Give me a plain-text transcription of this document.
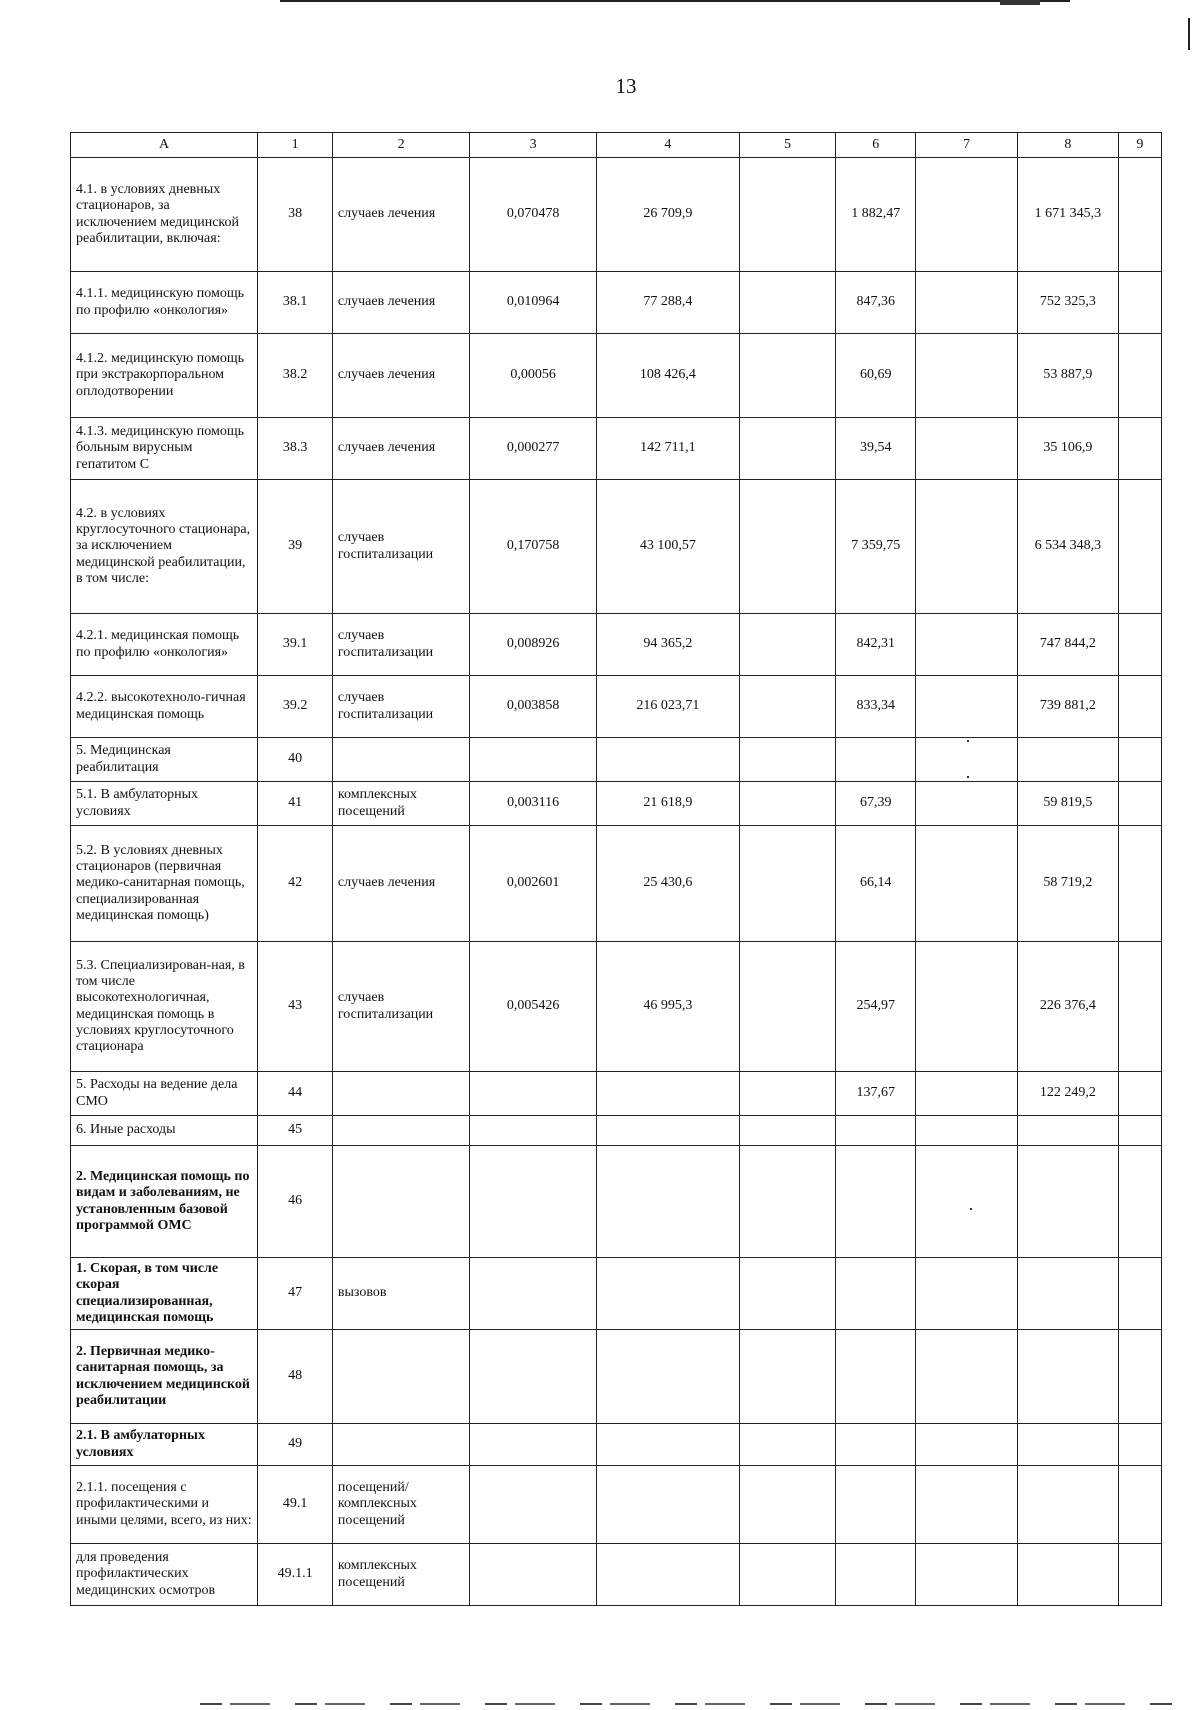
13
А	1	2	3	4	5	6	7	8	9
4.1. в условиях дневных стационаров, за исключением медицинской реабилитации, включая:	38	случаев лечения	0,070478	26 709,9		1 882,47		1 671 345,3	
4.1.1. медицинскую помощь по профилю «онкология»	38.1	случаев лечения	0,010964	77 288,4		847,36		752 325,3	
4.1.2. медицинскую помощь при экстракорпоральном оплодотворении	38.2	случаев лечения	0,00056	108 426,4		60,69		53 887,9	
4.1.3. медицинскую помощь больным вирусным гепатитом С	38.3	случаев лечения	0,000277	142 711,1		39,54		35 106,9	
4.2. в условиях круглосуточного стационара, за исключением медицинской реабилитации, в том числе:	39	случаев госпитализации	0,170758	43 100,57		7 359,75		6 534 348,3	
4.2.1. медицинская помощь по профилю «онкология»	39.1	случаев госпитализации	0,008926	94 365,2		842,31		747 844,2	
4.2.2. высокотехноло-гичная медицинская помощь	39.2	случаев госпитализации	0,003858	216 023,71		833,34		739 881,2	
5. Медицинская реабилитация	40								
5.1. В амбулаторных условиях	41	комплексных посещений	0,003116	21 618,9		67,39		59 819,5	
5.2. В условиях дневных стационаров (первичная медико-санитарная помощь, специализированная медицинская помощь)	42	случаев лечения	0,002601	25 430,6		66,14		58 719,2	
5.3. Специализирован-ная, в том числе высокотехнологичная, медицинская помощь в условиях круглосуточного стационара	43	случаев госпитализации	0,005426	46 995,3		254,97		226 376,4	
5. Расходы на ведение дела СМО	44					137,67		122 249,2	
6. Иные расходы	45								
2. Медицинская помощь по видам и заболеваниям, не установленным базовой программой ОМС	46								
1. Скорая, в том числе скорая специализированная, медицинская помощь	47	вызовов							
2. Первичная медико-санитарная помощь, за исключением медицинской реабилитации	48								
2.1. В амбулаторных условиях	49								
2.1.1. посещения с профилактическими и иными целями, всего, из них:	49.1	посещений/ комплексных посещений							
для проведения профилактических медицинских осмотров	49.1.1	комплексных посещений							
